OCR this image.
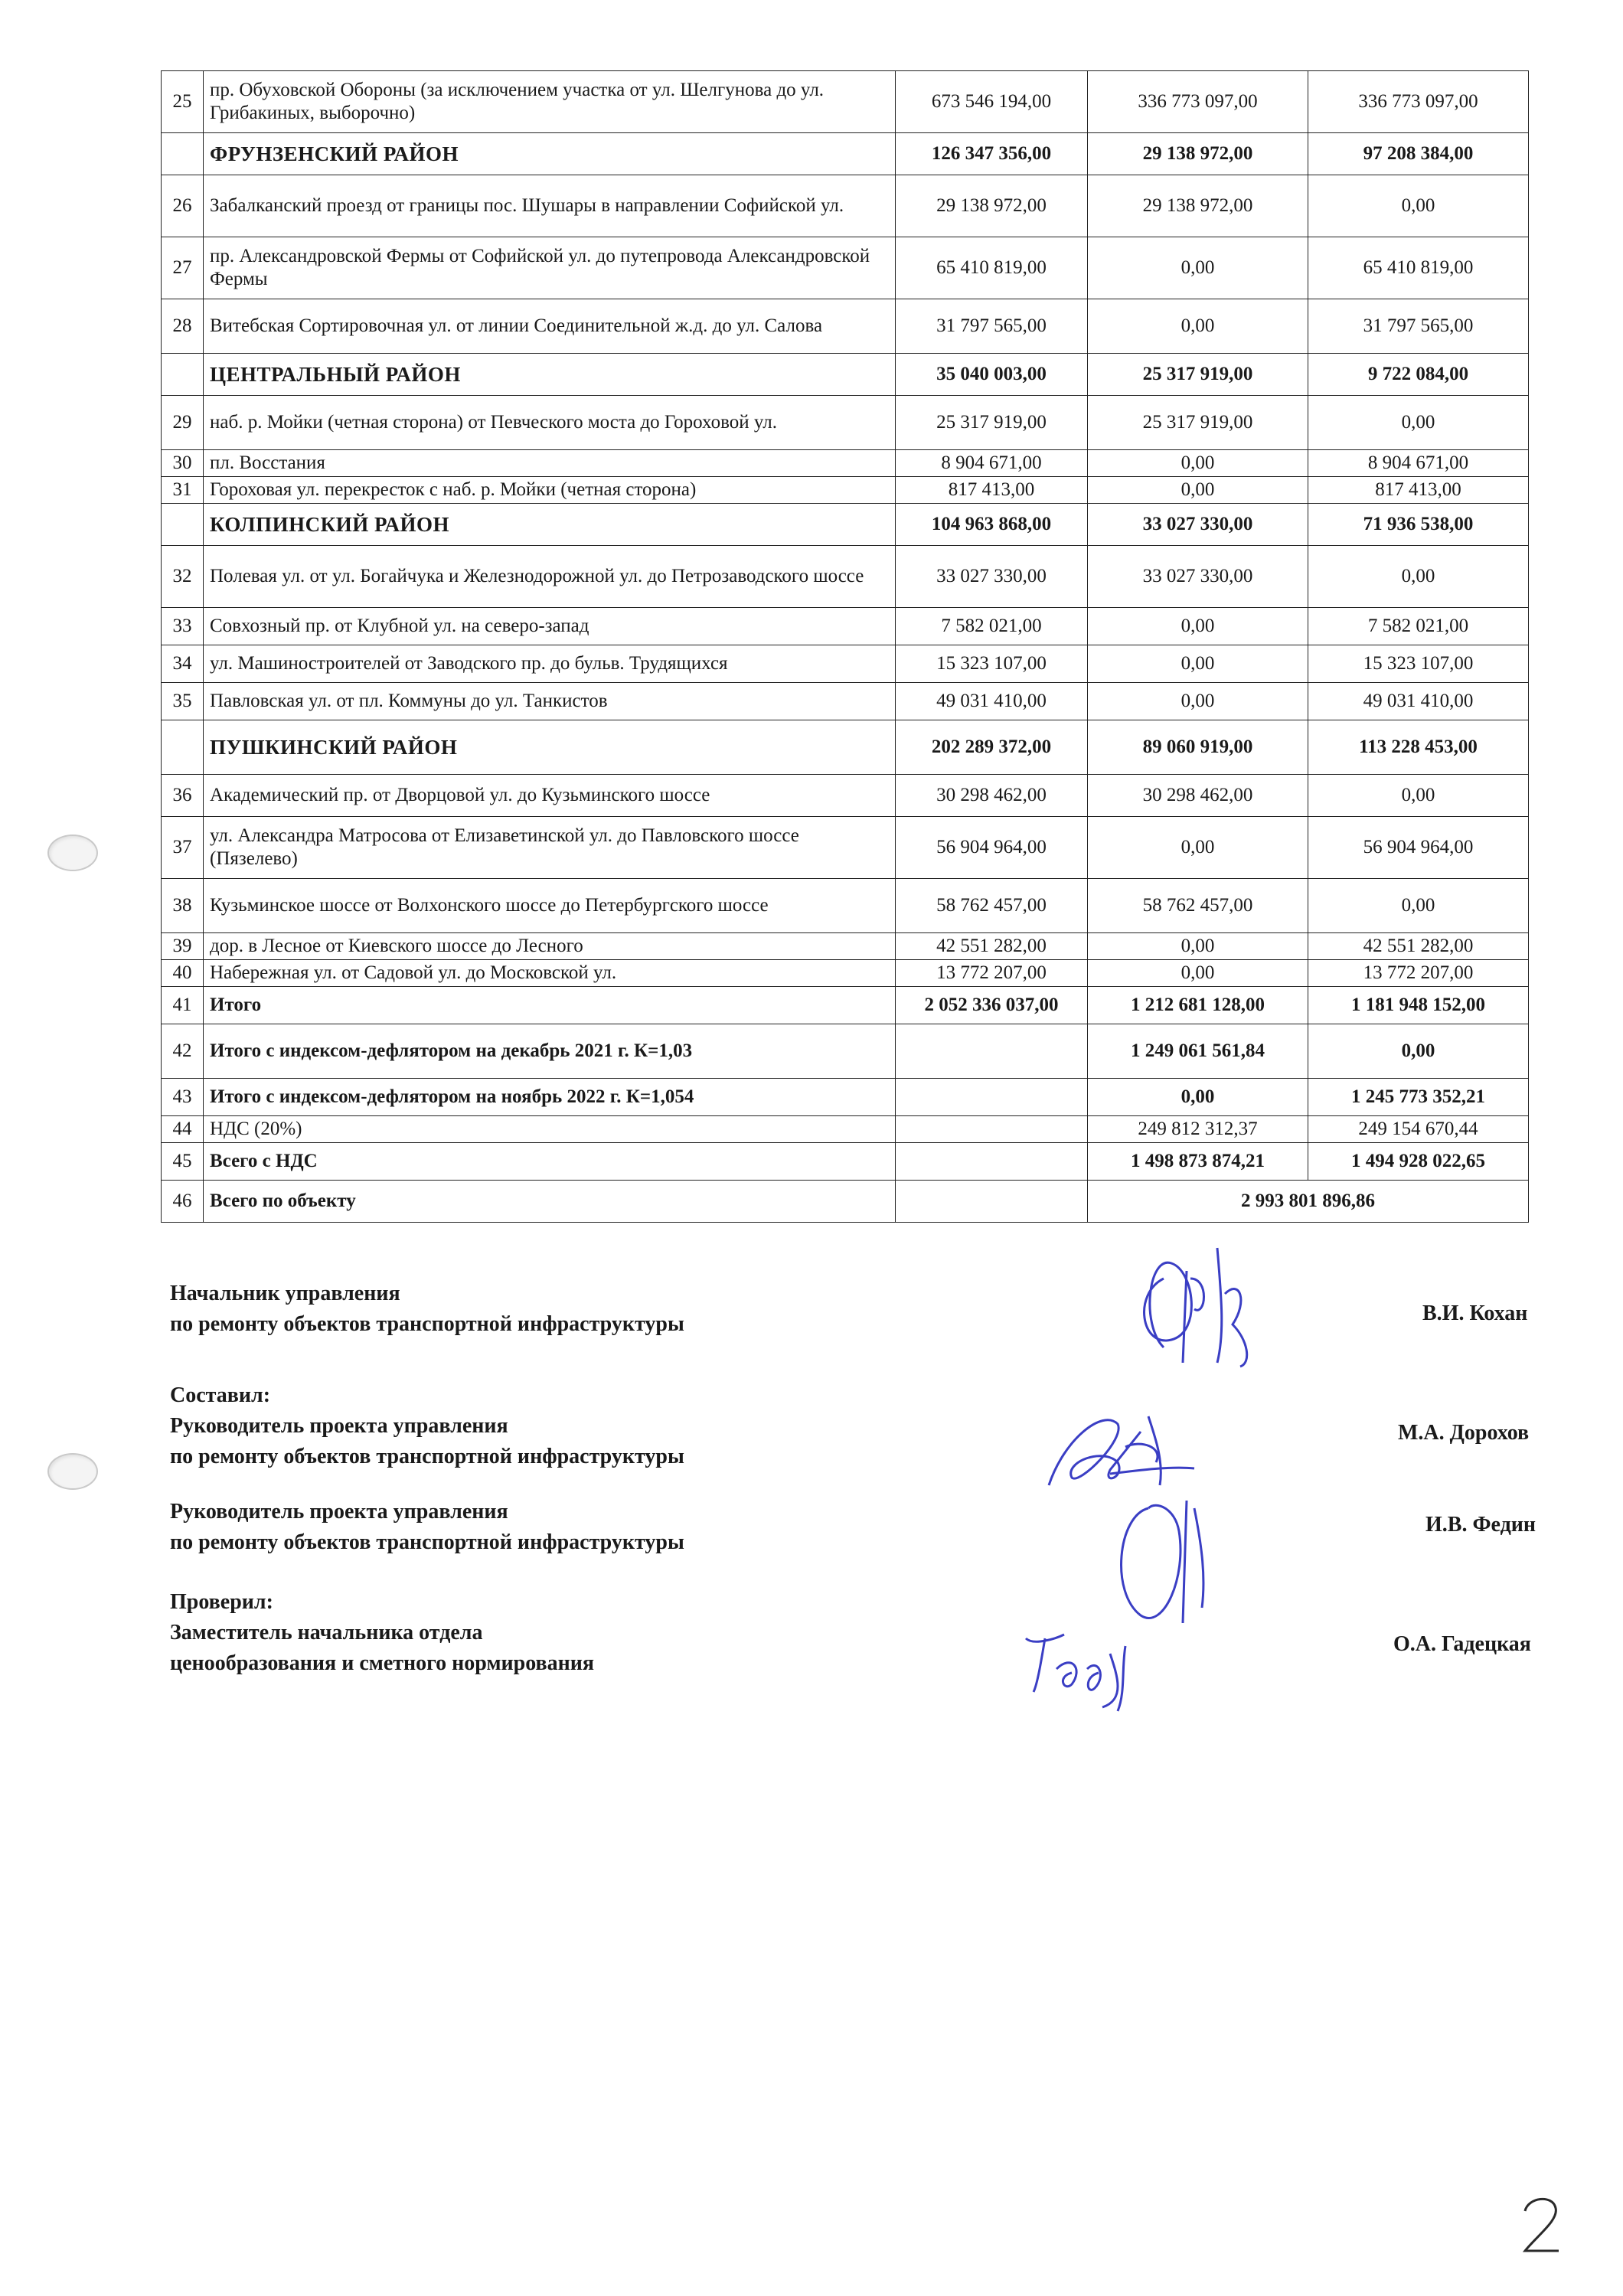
25	пр. Обуховской Обороны (за исключением участка от ул. Шелгунова до ул. Грибакиных, выборочно)	673 546 194,00	336 773 097,00	336 773 097,00
	ФРУНЗЕНСКИЙ РАЙОН	126 347 356,00	29 138 972,00	97 208 384,00
26	Забалканский проезд от границы пос. Шушары в направлении Софийской ул.	29 138 972,00	29 138 972,00	0,00
27	пр. Александровской Фермы от Софийской ул. до путепровода Александровской Фермы	65 410 819,00	0,00	65 410 819,00
28	Витебская Сортировочная ул. от линии Соединительной ж.д. до ул. Салова	31 797 565,00	0,00	31 797 565,00
	ЦЕНТРАЛЬНЫЙ РАЙОН	35 040 003,00	25 317 919,00	9 722 084,00
29	наб. р. Мойки (четная сторона) от Певческого моста до Гороховой ул.	25 317 919,00	25 317 919,00	0,00
30	пл. Восстания	8 904 671,00	0,00	8 904 671,00
31	Гороховая ул. перекресток с наб. р. Мойки (четная сторона)	817 413,00	0,00	817 413,00
	КОЛПИНСКИЙ РАЙОН	104 963 868,00	33 027 330,00	71 936 538,00
32	Полевая ул. от ул. Богайчука и Железнодорожной ул. до Петрозаводского шоссе	33 027 330,00	33 027 330,00	0,00
33	Совхозный пр. от Клубной ул. на северо-запад	7 582 021,00	0,00	7 582 021,00
34	ул. Машиностроителей от Заводского пр. до бульв. Трудящихся	15 323 107,00	0,00	15 323 107,00
35	Павловская ул. от пл. Коммуны до ул. Танкистов	49 031 410,00	0,00	49 031 410,00
	ПУШКИНСКИЙ РАЙОН	202 289 372,00	89 060 919,00	113 228 453,00
36	Академический пр. от Дворцовой ул. до Кузьминского шоссе	30 298 462,00	30 298 462,00	0,00
37	ул. Александра Матросова от Елизаветинской ул. до Павловского шоссе (Пязелево)	56 904 964,00	0,00	56 904 964,00
38	Кузьминское шоссе от Волхонского шоссе до Петербургского шоссе	58 762 457,00	58 762 457,00	0,00
39	дор. в Лесное от Киевского шоссе до Лесного	42 551 282,00	0,00	42 551 282,00
40	Набережная ул. от Садовой ул. до Московской ул.	13 772 207,00	0,00	13 772 207,00
41	Итого	2 052 336 037,00	1 212 681 128,00	1 181 948 152,00
42	Итого с индексом-дефлятором на декабрь 2021 г. К=1,03		1 249 061 561,84	0,00
43	Итого с индексом-дефлятором на ноябрь 2022 г. К=1,054		0,00	1 245 773 352,21
44	НДС (20%)		249 812 312,37	249 154 670,44
45	Всего с НДС		1 498 873 874,21	1 494 928 022,65
46	Всего по объекту		2 993 801 896,86	
Начальник управления
по ремонту объектов транспортной инфраструктуры	В.И. Кохан
Составил:
Руководитель проекта управления
по ремонту объектов транспортной инфраструктуры
М.А. Дорохов
Руководитель проекта управления
по ремонту объектов транспортной инфраструктуры
И.В. Федин
Проверил:
Заместитель начальника отдела
ценообразования и сметного нормирования
О.А. Гадецкая
